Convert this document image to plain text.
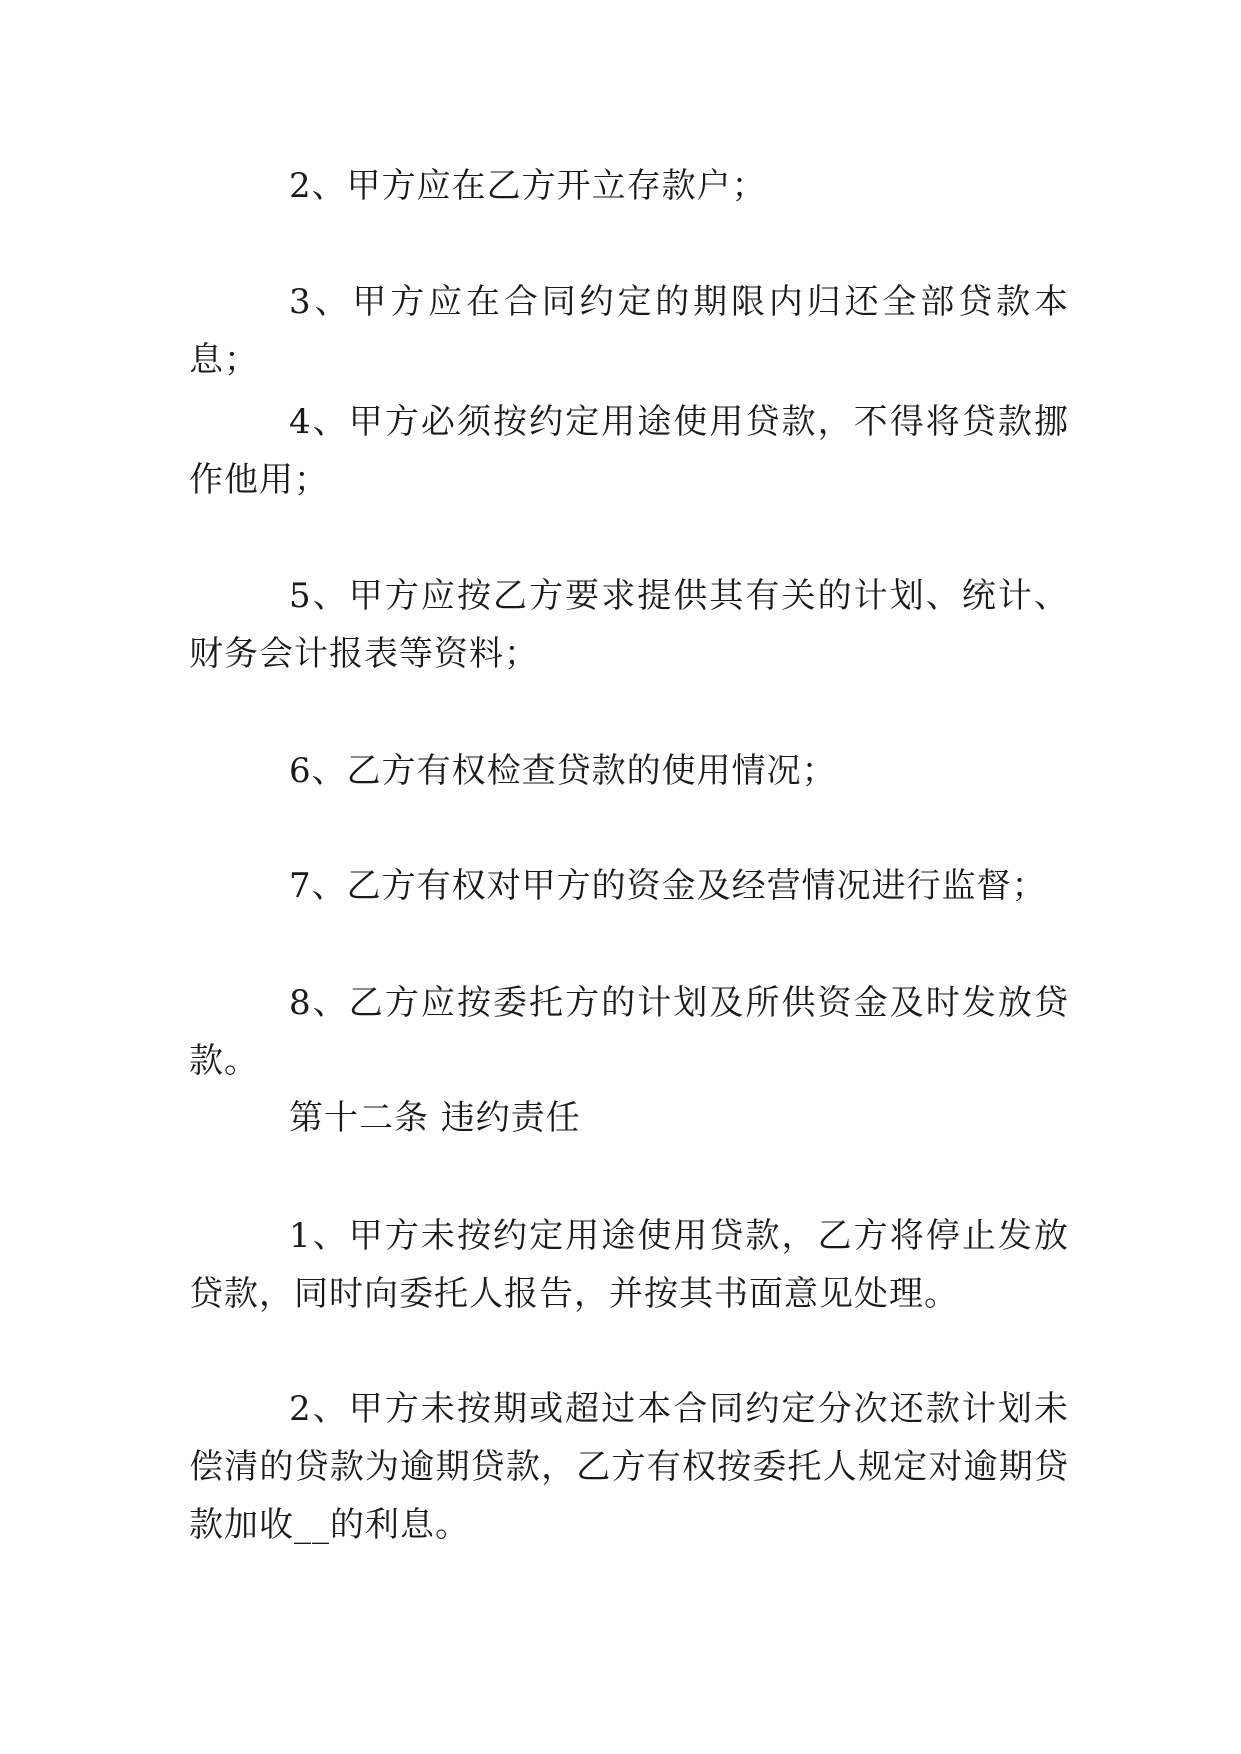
2、甲方应在乙方开立存款户；

3、甲方应在合同约定的期限内归还全部贷款本息；

4、甲方必须按约定用途使用贷款，不得将贷款挪作他用；

5、甲方应按乙方要求提供其有关的计划、统计、财务会计报表等资料；

6、乙方有权检查贷款的使用情况；

7、乙方有权对甲方的资金及经营情况进行监督；

8、乙方应按委托方的计划及所供资金及时发放贷款。

第十二条 违约责任

1、甲方未按约定用途使用贷款，乙方将停止发放贷款，同时向委托人报告，并按其书面意见处理。

2、甲方未按期或超过本合同约定分次还款计划未偿清的贷款为逾期贷款，乙方有权按委托人规定对逾期贷款加收__的利息。
